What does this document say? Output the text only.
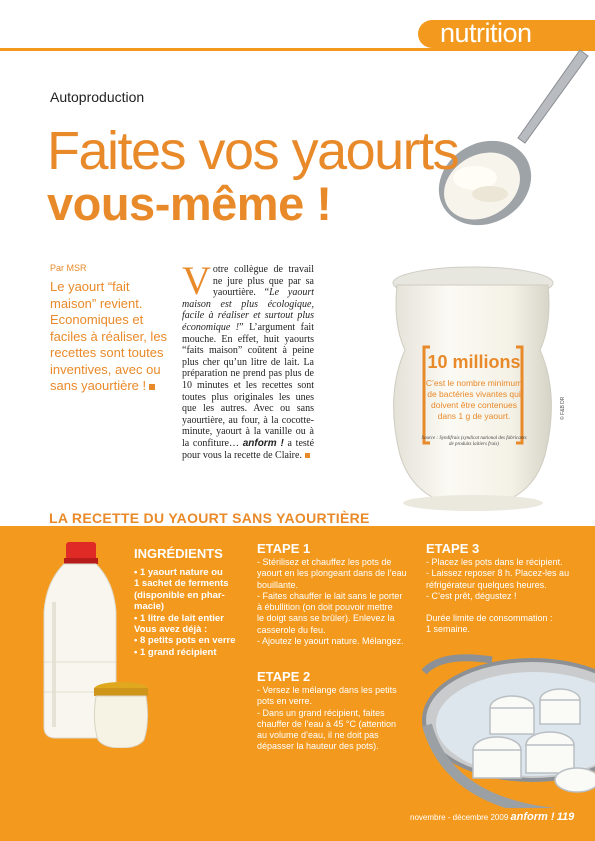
nutrition
Autoproduction
Faites vos yaourts
vous-même !
Par MSR
Le yaourt “fait maison” revient. Economiques et faciles à réaliser, les recettes sont toutes inventives, avec ou sans yaourtière !
Votre collègue de travail ne jure plus que par sa yaourtière. “Le yaourt maison est plus écologique, facile à réaliser et surtout plus économique !” L’argument fait mouche. En effet, huit yaourts “faits maison” coûtent à peine plus cher qu’un litre de lait. La préparation ne prend pas plus de 10 minutes et les recettes sont toutes plus originales les unes que les autres. Avec ou sans yaourtière, au four, à la cocotte-minute, yaourt à la vanille ou à la confiture… anform ! a testé pour vous la recette de Claire.
10 millions
C’est le nombre minimum de bactéries vivantes qui doivent être contenues dans 1 g de yaourt.
Source : Syndifrais (syndicat national des fabricants de produits laitiers frais)
© F&B DR
LA RECETTE DU YAOURT SANS YAOURTIÈRE
INGRÉDIENTS
• 1 yaourt nature ou
1 sachet de ferments
(disponible en phar-
macie)
• 1 litre de lait entier
Vous avez déjà :
• 8 petits pots en verre
• 1 grand récipient
ETAPE 1
- Stérilisez et chauffez les pots de
yaourt en les plongeant dans de l’eau
bouillante.
- Faites chauffer le lait sans le porter
à ébullition (on doit pouvoir mettre
le doigt sans se brûler). Enlevez la
casserole du feu.
- Ajoutez le yaourt nature. Mélangez.
ETAPE 2
- Versez le mélange dans les petits
pots en verre.
- Dans un grand récipient, faites
chauffer de l’eau à 45 °C (attention
au volume d’eau, il ne doit pas
dépasser la hauteur des pots).
ETAPE 3
- Placez les pots dans le récipient.
- Laissez reposer 8 h. Placez-les au
réfrigérateur quelques heures.
- C’est prêt, dégustez !
Durée limite de consommation :
1 semaine.
novembre - décembre 2009 anform ! 119
